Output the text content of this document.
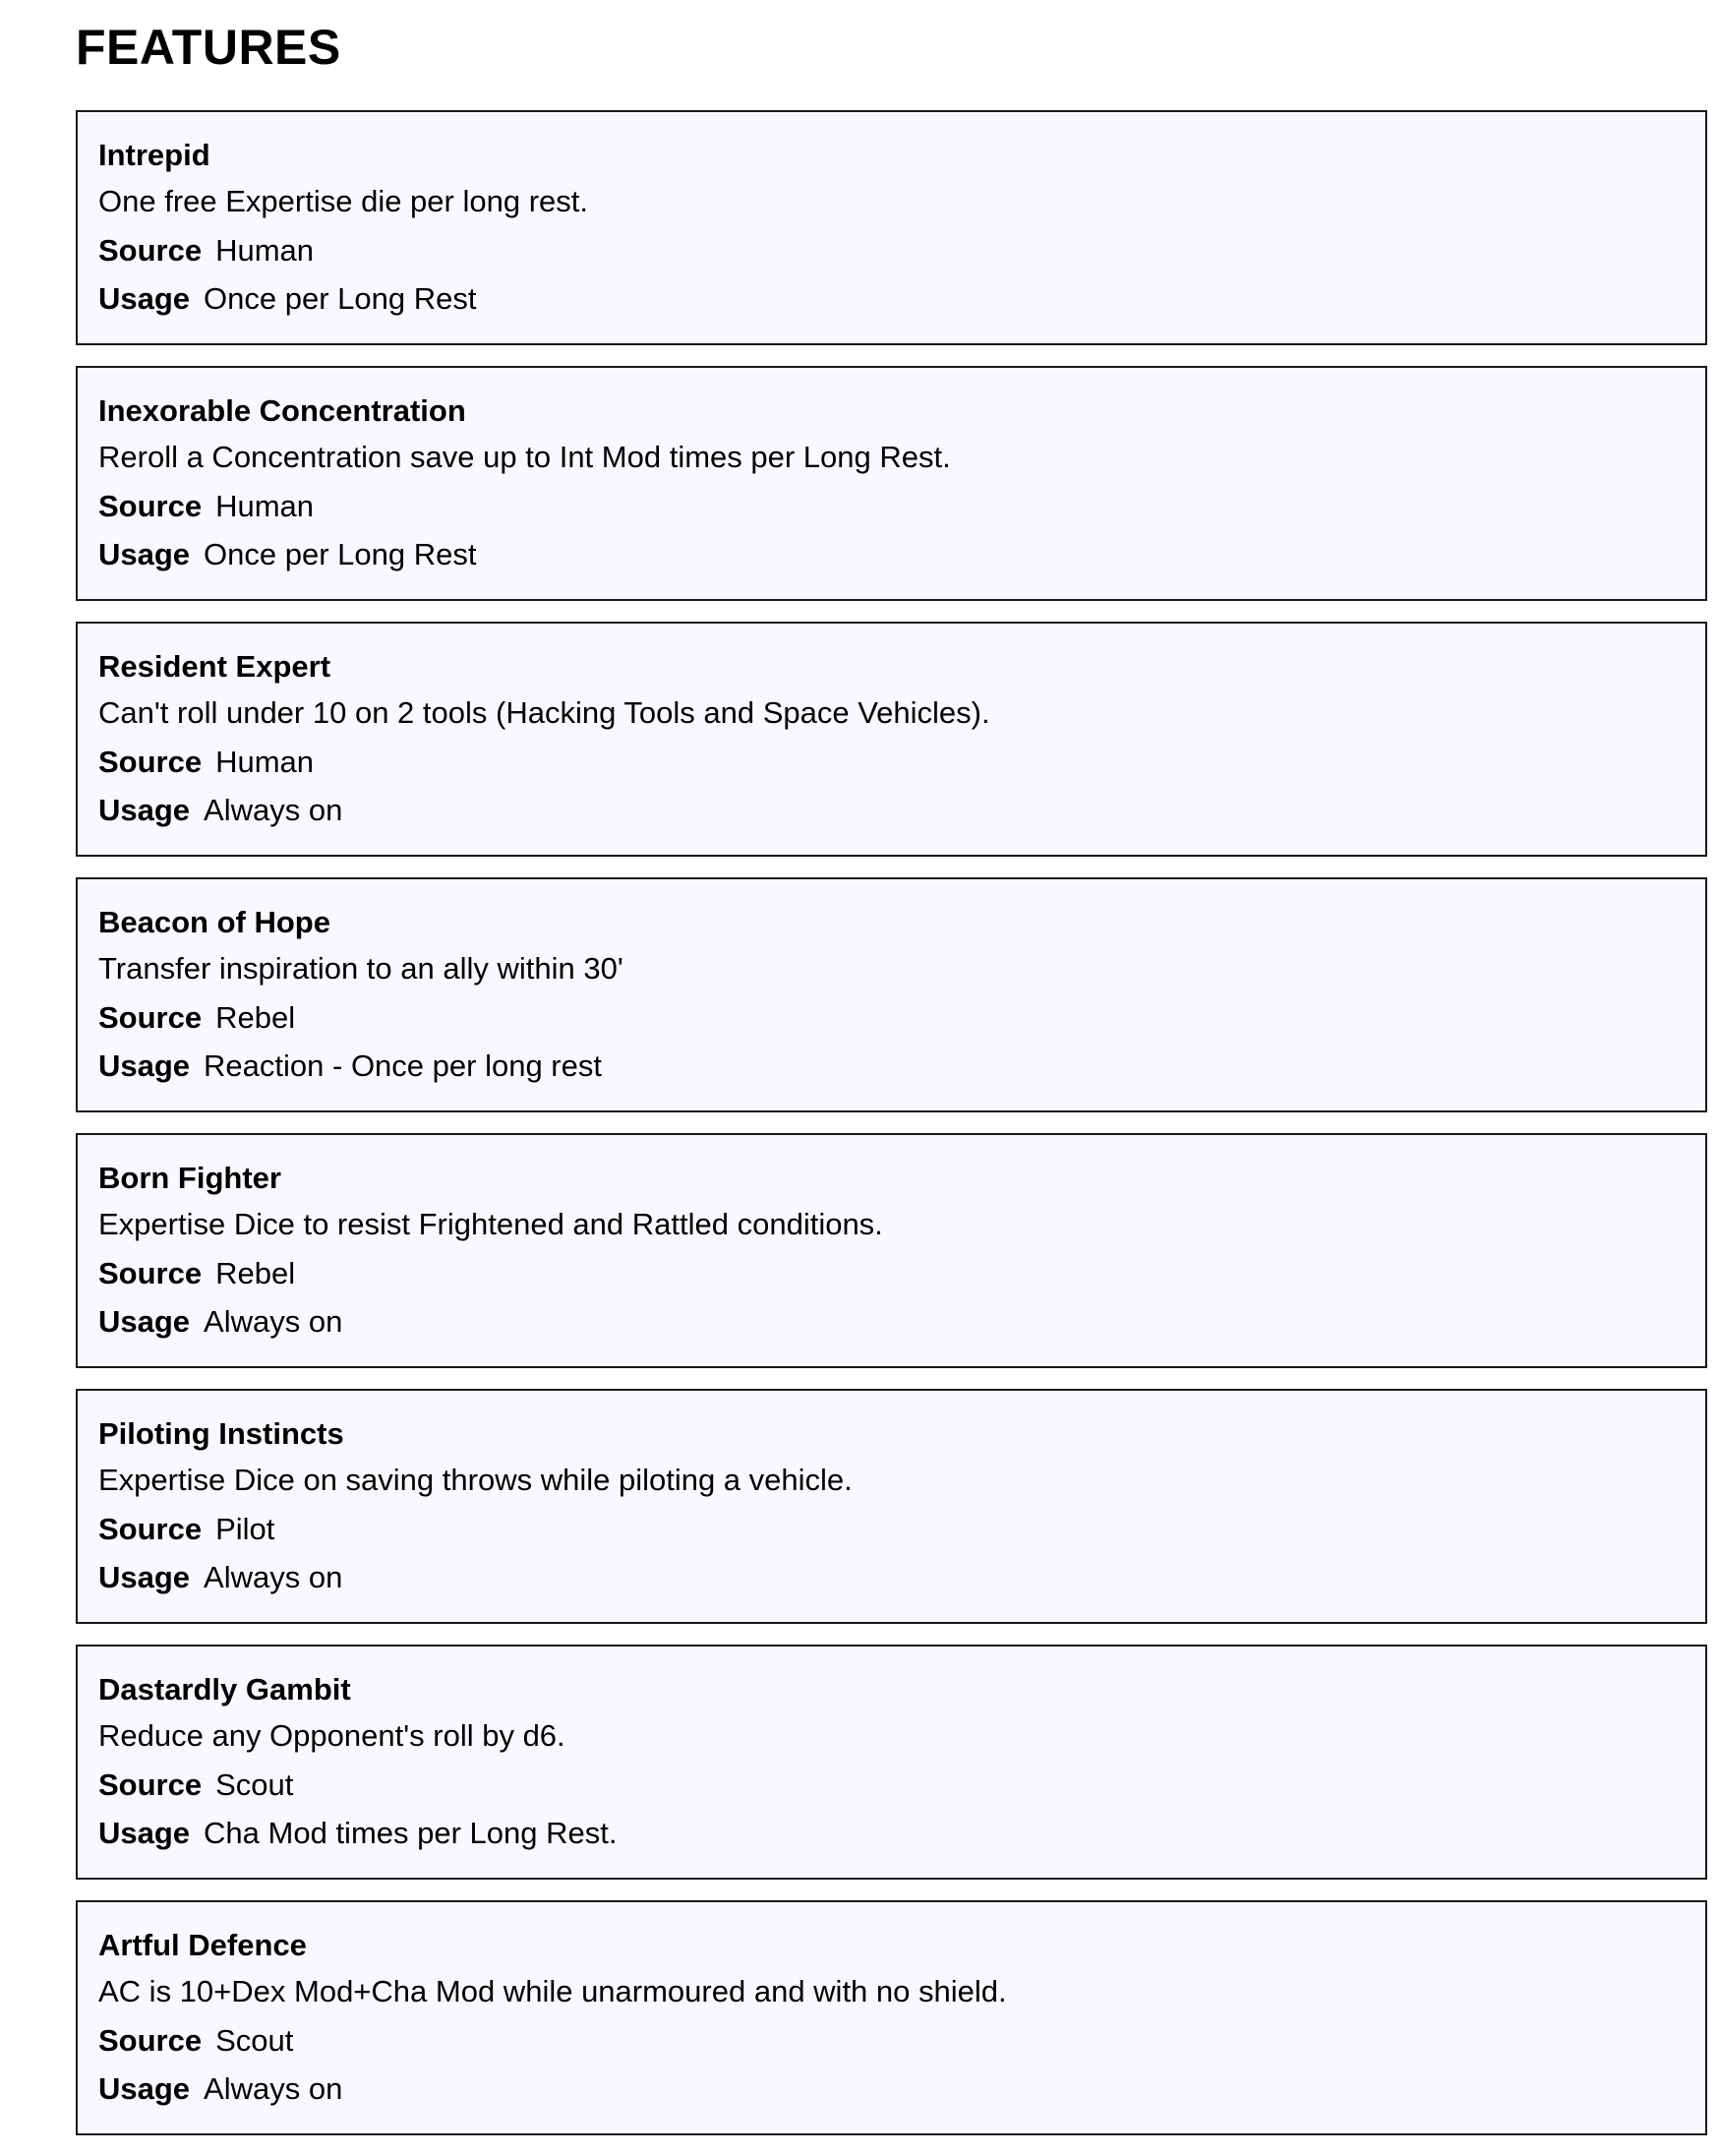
FEATURES
Intrepid
One free Expertise die per long rest.
Source Human
Usage Once per Long Rest
Inexorable Concentration
Reroll a Concentration save up to Int Mod times per Long Rest.
Source Human
Usage Once per Long Rest
Resident Expert
Can't roll under 10 on 2 tools (Hacking Tools and Space Vehicles).
Source Human
Usage Always on
Beacon of Hope
Transfer inspiration to an ally within 30'
Source Rebel
Usage Reaction - Once per long rest
Born Fighter
Expertise Dice to resist Frightened and Rattled conditions.
Source Rebel
Usage Always on
Piloting Instincts
Expertise Dice on saving throws while piloting a vehicle.
Source Pilot
Usage Always on
Dastardly Gambit
Reduce any Opponent's roll by d6.
Source Scout
Usage Cha Mod times per Long Rest.
Artful Defence
AC is 10+Dex Mod+Cha Mod while unarmoured and with no shield.
Source Scout
Usage Always on
